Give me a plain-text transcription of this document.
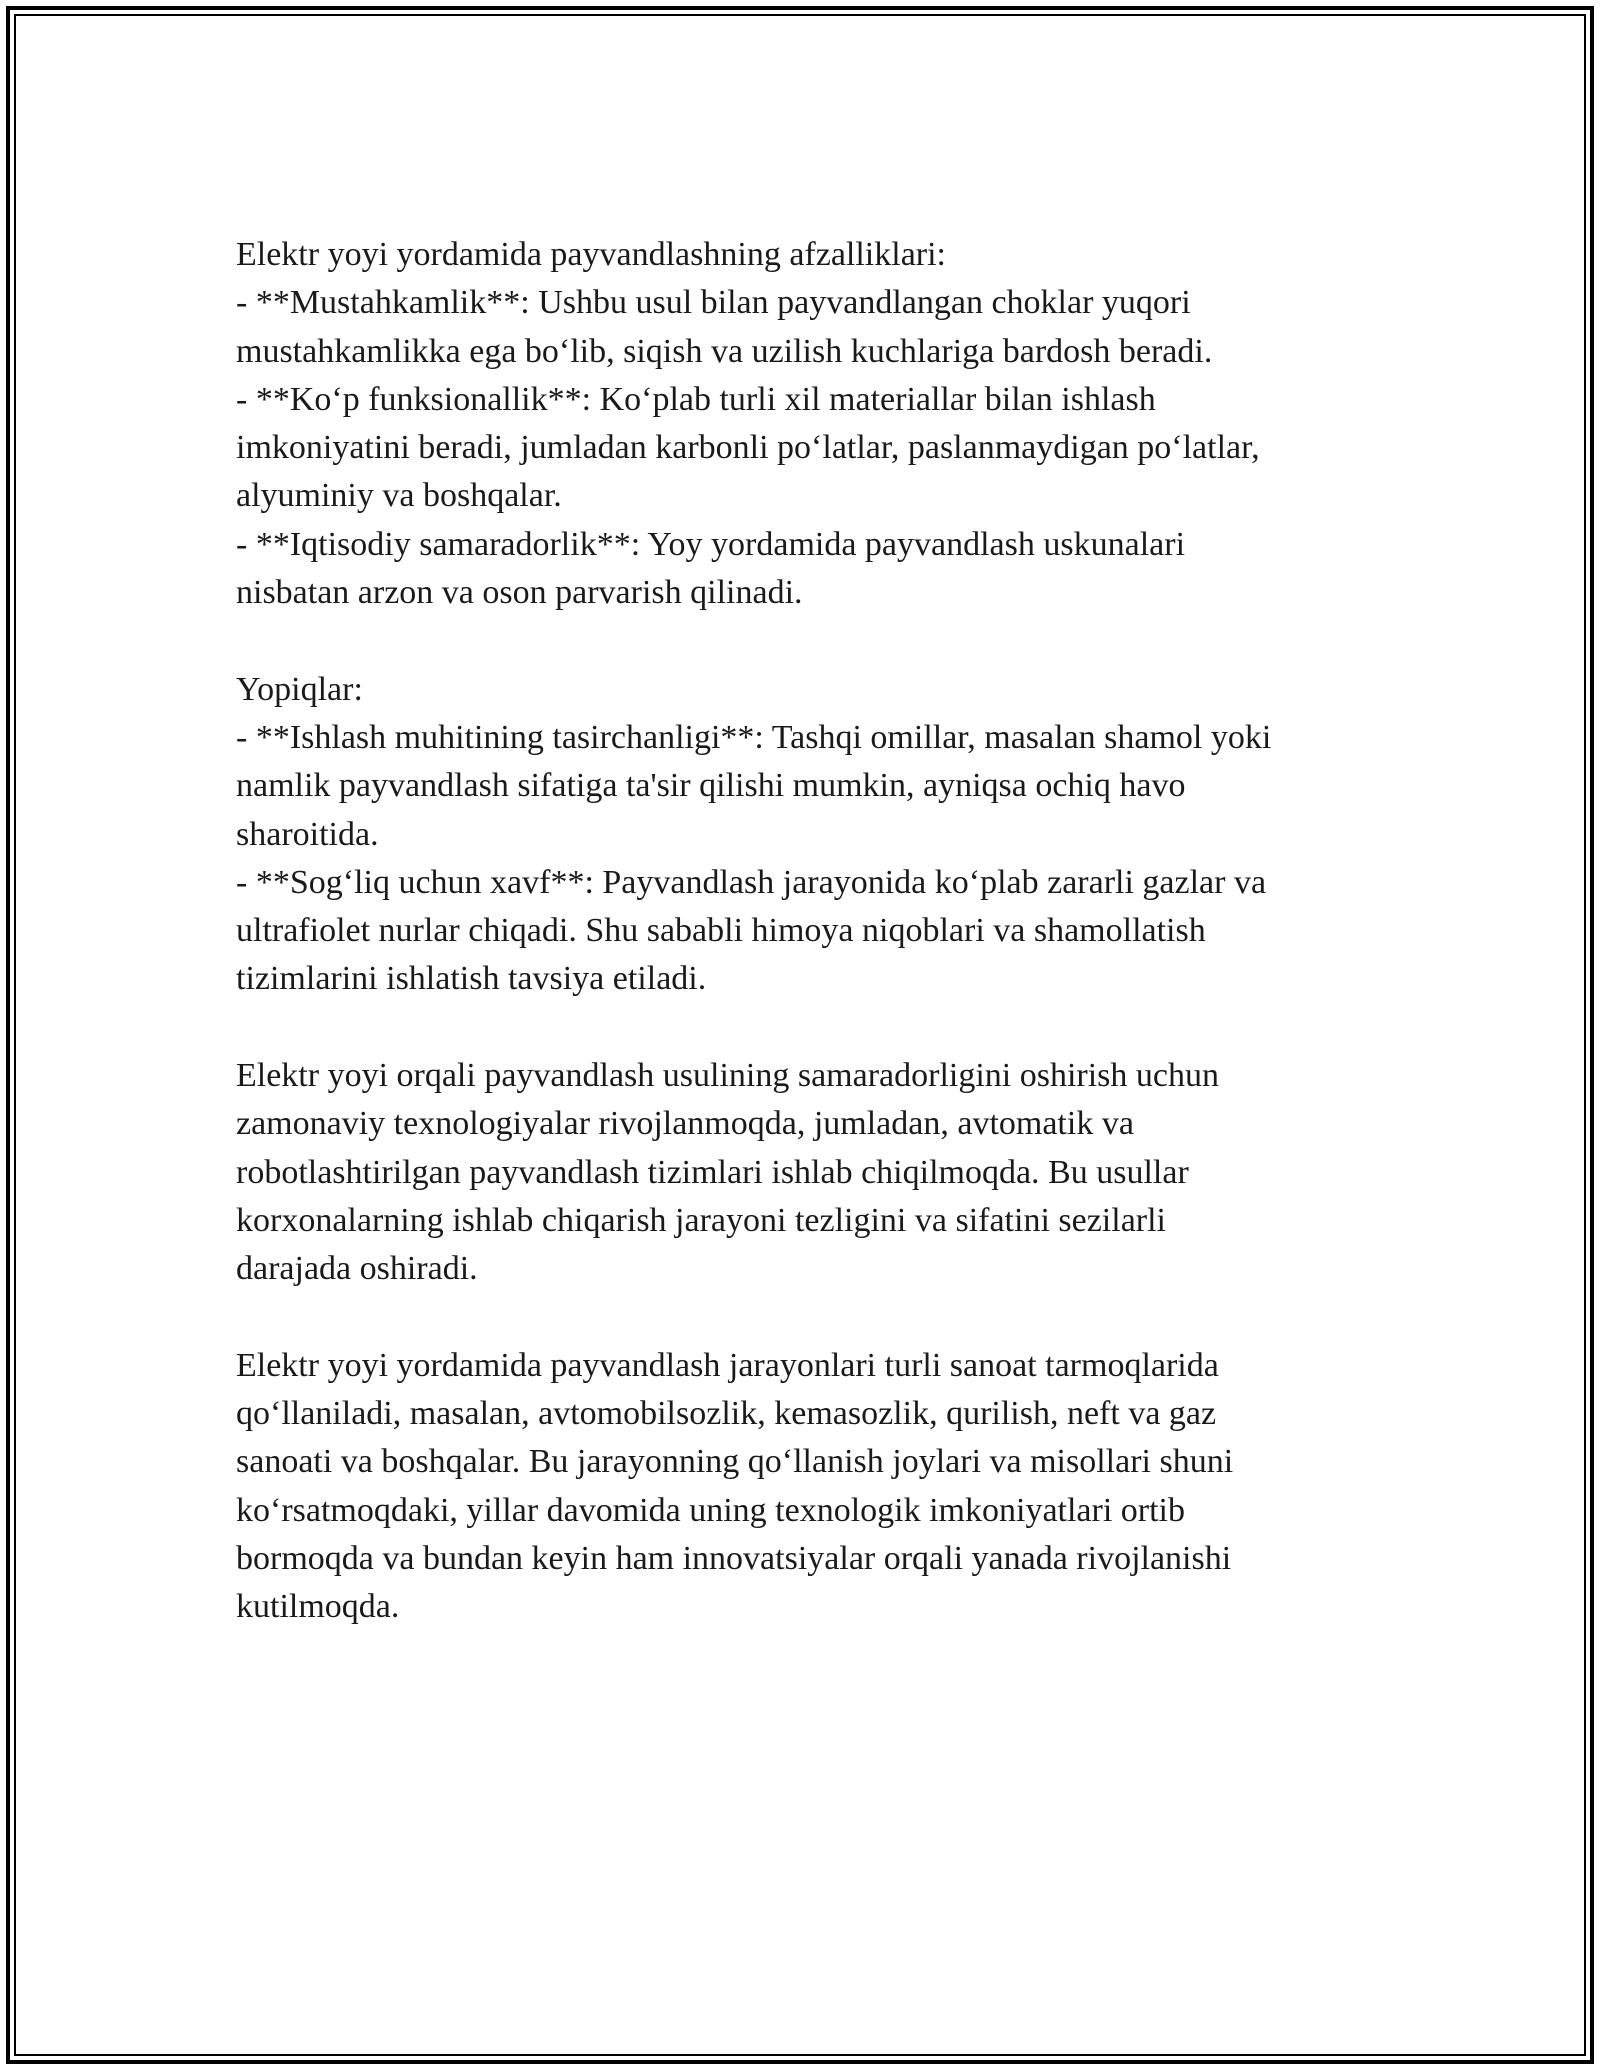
Elektr yoyi yordamida payvandlashning afzalliklari:
- **Mustahkamlik**: Ushbu usul bilan payvandlangan choklar yuqori
mustahkamlikka ega bo‘lib, siqish va uzilish kuchlariga bardosh beradi.
- **Ko‘p funksionallik**: Ko‘plab turli xil materiallar bilan ishlash
imkoniyatini beradi, jumladan karbonli po‘latlar, paslanmaydigan po‘latlar,
alyuminiy va boshqalar.
- **Iqtisodiy samaradorlik**: Yoy yordamida payvandlash uskunalari
nisbatan arzon va oson parvarish qilinadi.
Yopiqlar:
- **Ishlash muhitining tasirchanligi**: Tashqi omillar, masalan shamol yoki
namlik payvandlash sifatiga ta'sir qilishi mumkin, ayniqsa ochiq havo
sharoitida.
- **Sog‘liq uchun xavf**: Payvandlash jarayonida ko‘plab zararli gazlar va
ultrafiolet nurlar chiqadi. Shu sababli himoya niqoblari va shamollatish
tizimlarini ishlatish tavsiya etiladi.
Elektr yoyi orqali payvandlash usulining samaradorligini oshirish uchun
zamonaviy texnologiyalar rivojlanmoqda, jumladan, avtomatik va
robotlashtirilgan payvandlash tizimlari ishlab chiqilmoqda. Bu usullar
korxonalarning ishlab chiqarish jarayoni tezligini va sifatini sezilarli
darajada oshiradi.
Elektr yoyi yordamida payvandlash jarayonlari turli sanoat tarmoqlarida
qo‘llaniladi, masalan, avtomobilsozlik, kemasozlik, qurilish, neft va gaz
sanoati va boshqalar. Bu jarayonning qo‘llanish joylari va misollari shuni
ko‘rsatmoqdaki, yillar davomida uning texnologik imkoniyatlari ortib
bormoqda va bundan keyin ham innovatsiyalar orqali yanada rivojlanishi
kutilmoqda.
